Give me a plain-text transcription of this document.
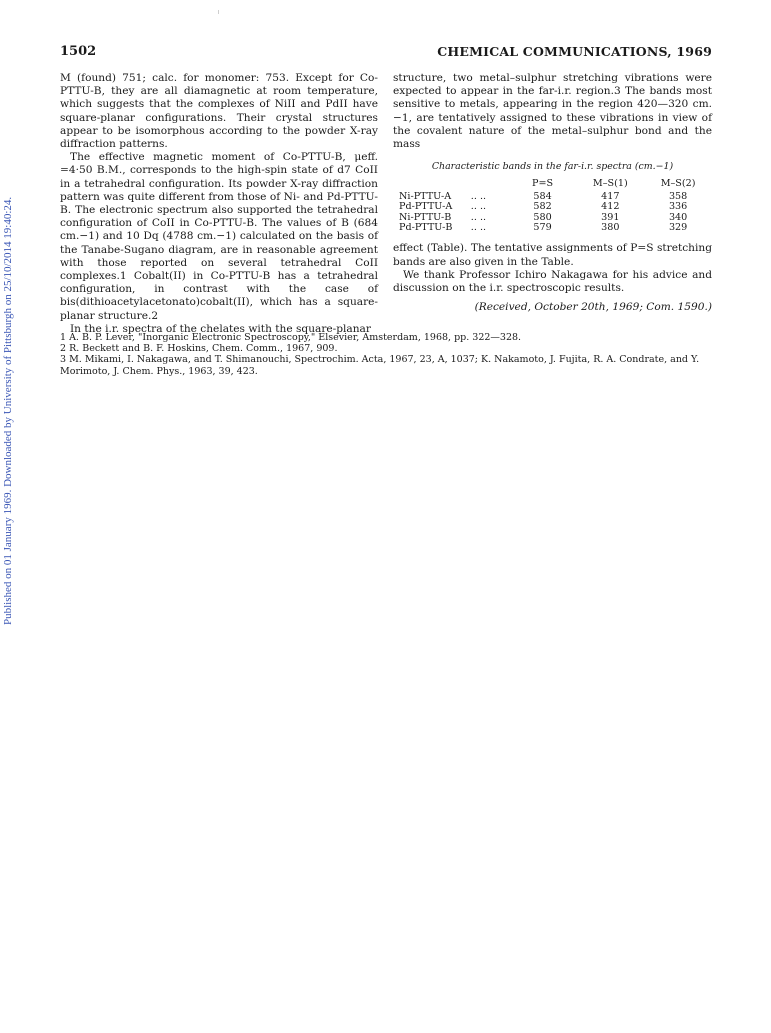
Published on 01 January 1969. Downloaded by University of Pittsburgh on 25/10/2014 19:40:24.
1502	CHEMICAL COMMUNICATIONS, 1969

M (found) 751; calc. for monomer: 753. Except for Co-PTTU-B, they are all diamagnetic at room temperature, which suggests that the complexes of NiII and PdII have square-planar configurations. Their crystal structures appear to be isomorphous according to the powder X-ray diffraction patterns.

The effective magnetic moment of Co-PTTU-B, μeff. =4·50 B.M., corresponds to the high-spin state of d7 CoII in a tetrahedral configuration. Its powder X-ray diffraction pattern was quite different from those of Ni- and Pd-PTTU-B. The electronic spectrum also supported the tetrahedral configuration of CoII in Co-PTTU-B. The values of B (684 cm.−1) and 10 Dq (4788 cm.−1) calculated on the basis of the Tanabe-Sugano diagram, are in reasonable agreement with those reported on several tetrahedral CoII complexes.1 Cobalt(II) in Co-PTTU-B has a tetrahedral configuration, in contrast with the case of bis(dithioacetylacetonato)cobalt(II), which has a square-planar structure.2

In the i.r. spectra of the chelates with the square-planar

structure, two metal–sulphur stretching vibrations were expected to appear in the far-i.r. region.3 The bands most sensitive to metals, appearing in the region 420—320 cm.−1, are tentatively assigned to these vibrations in view of the covalent nature of the metal–sulphur bond and the mass

Characteristic bands in the far-i.r. spectra (cm.−1)
		P=S	M–S(1)	M–S(2)
Ni-PTTU-A	.. ..	584	417	358
Pd-PTTU-A	.. ..	582	412	336
Ni-PTTU-B	.. ..	580	391	340
Pd-PTTU-B	.. ..	579	380	329

effect (Table). The tentative assignments of P=S stretching bands are also given in the Table.

We thank Professor Ichiro Nakagawa for his advice and discussion on the i.r. spectroscopic results.

(Received, October 20th, 1969; Com. 1590.)

1 A. B. P. Lever, "Inorganic Electronic Spectroscopy," Elsevier, Amsterdam, 1968, pp. 322—328.

2 R. Beckett and B. F. Hoskins, Chem. Comm., 1967, 909.

3 M. Mikami, I. Nakagawa, and T. Shimanouchi, Spectrochim. Acta, 1967, 23, A, 1037; K. Nakamoto, J. Fujita, R. A. Condrate, and Y. Morimoto, J. Chem. Phys., 1963, 39, 423.
